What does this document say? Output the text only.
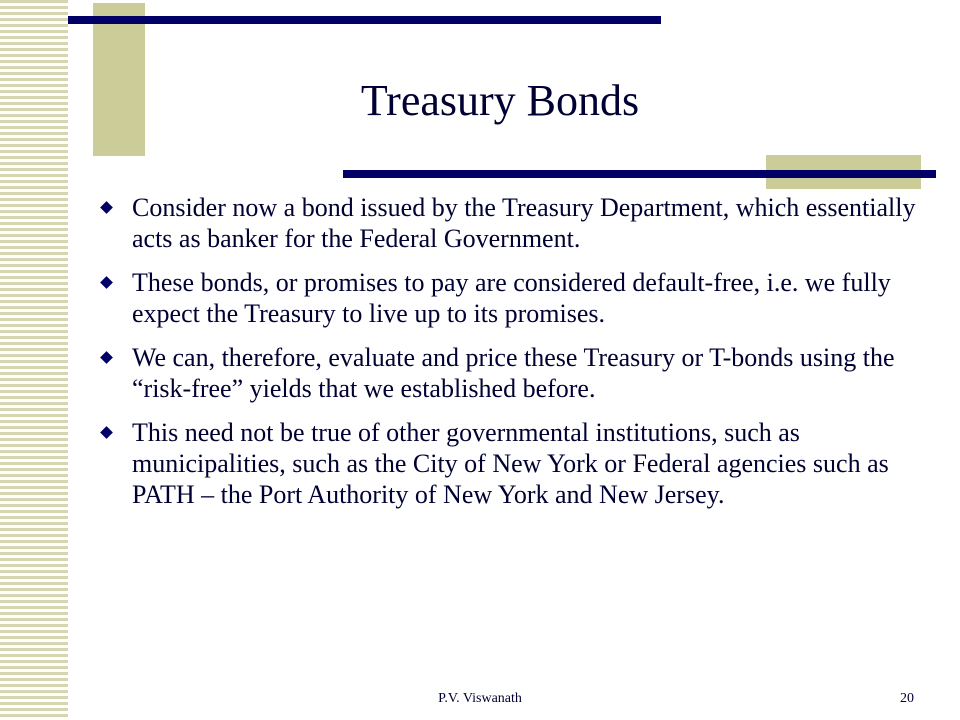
Treasury Bonds
Consider now a bond issued by the Treasury Department, which essentially acts as banker for the Federal Government.
These bonds, or promises to pay are considered default-free, i.e. we fully expect the Treasury to live up to its promises.
We can, therefore, evaluate and price these Treasury or T-bonds using the “risk-free” yields that we established before.
This need not be true of other governmental institutions, such as municipalities, such as the City of New York or Federal agencies such as PATH – the Port Authority of New York and New Jersey.
P.V. Viswanath	20
